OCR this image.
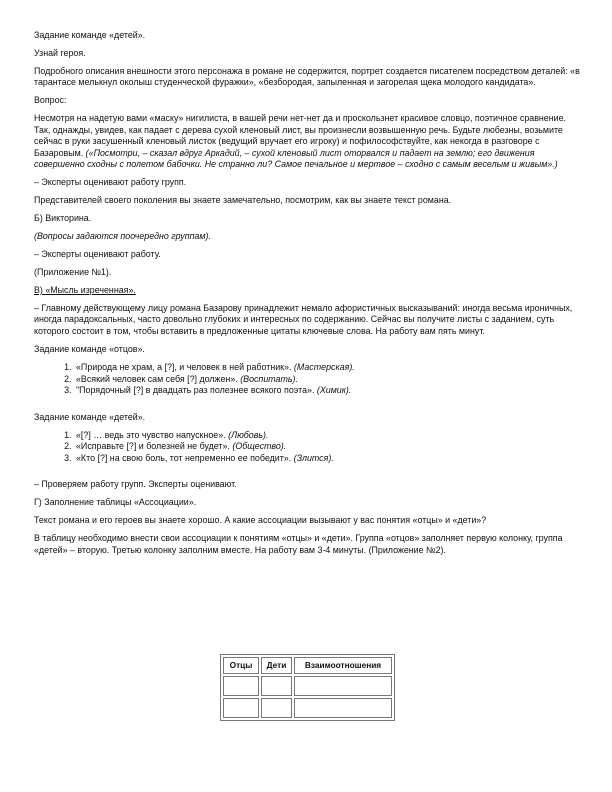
Задание команде «детей».

Узнай героя.

Подробного описания внешности этого персонажа в романе не содержится, портрет создается писателем посредством деталей: «в тарантасе мелькнул околыш студенческой фуражки», «безбородая, запыленная и загорелая щека молодого кандидата».

Вопрос:

Несмотря на надетую вами «маску» нигилиста, в вашей речи нет-нет да и проскользнет красивое словцо, поэтичное сравнение. Так, однажды, увидев, как падает с дерева сухой кленовый лист, вы произнесли возвышенную речь. Будьте любезны, возьмите сейчас в руки засушенный кленовый листок (ведущий вручает его игроку) и пофилософствуйте, как некогда в разговоре с Базаровым. («Посмотри, – сказал вдруг Аркадий, – сухой кленовый лист оторвался и падает на землю; его движения совершенно сходны с полетом бабочки. Не странно ли? Самое печальное и мертвое – сходно с самым веселым и живым».)

– Эксперты оценивают работу групп.

Представителей своего поколения вы знаете замечательно, посмотрим, как вы знаете текст романа.

Б) Викторина.

(Вопросы задаются поочередно группам).

– Эксперты оценивают работу.

(Приложение №1).

В) «Мысль изреченная».

– Главному действующему лицу романа Базарову принадлежит немало афористичных высказываний: иногда весьма ироничных, иногда парадоксальных, часто довольно глубоких и интересных по содержанию. Сейчас вы получите листы с заданием, суть которого состоит в том, чтобы вставить в предложенные цитаты ключевые слова. На работу вам пять минут.

Задание команде «отцов».

1. «Природа не храм, а [?], и человек в ней работник». (Мастерская).
2. «Всякий человек сам себя [?] должен». (Воспитать).
3. "Порядочный [?] в двадцать раз полезнее всякого поэта». (Химик).

Задание команде «детей».

1. «[?] … ведь это чувство напускное». (Любовь).
2. «Исправьте [?] и болезней не будет». (Общество).
3. «Кто [?] на свою боль, тот непременно ее победит». (Злится).

– Проверяем работу групп. Эксперты оценивают.

Г) Заполнение таблицы «Ассоциации».

Текст романа и его героев вы знаете хорошо. А какие ассоциации вызывают у вас понятия «отцы» и «дети»?

В таблицу необходимо внести свои ассоциации к понятиям «отцы» и «дети». Группа «отцов» заполняет первую колонку, группа «детей» – вторую. Третью колонку заполним вместе. На работу вам 3-4 минуты. (Приложение №2).

Отцы	Дети	Взаимоотношения
